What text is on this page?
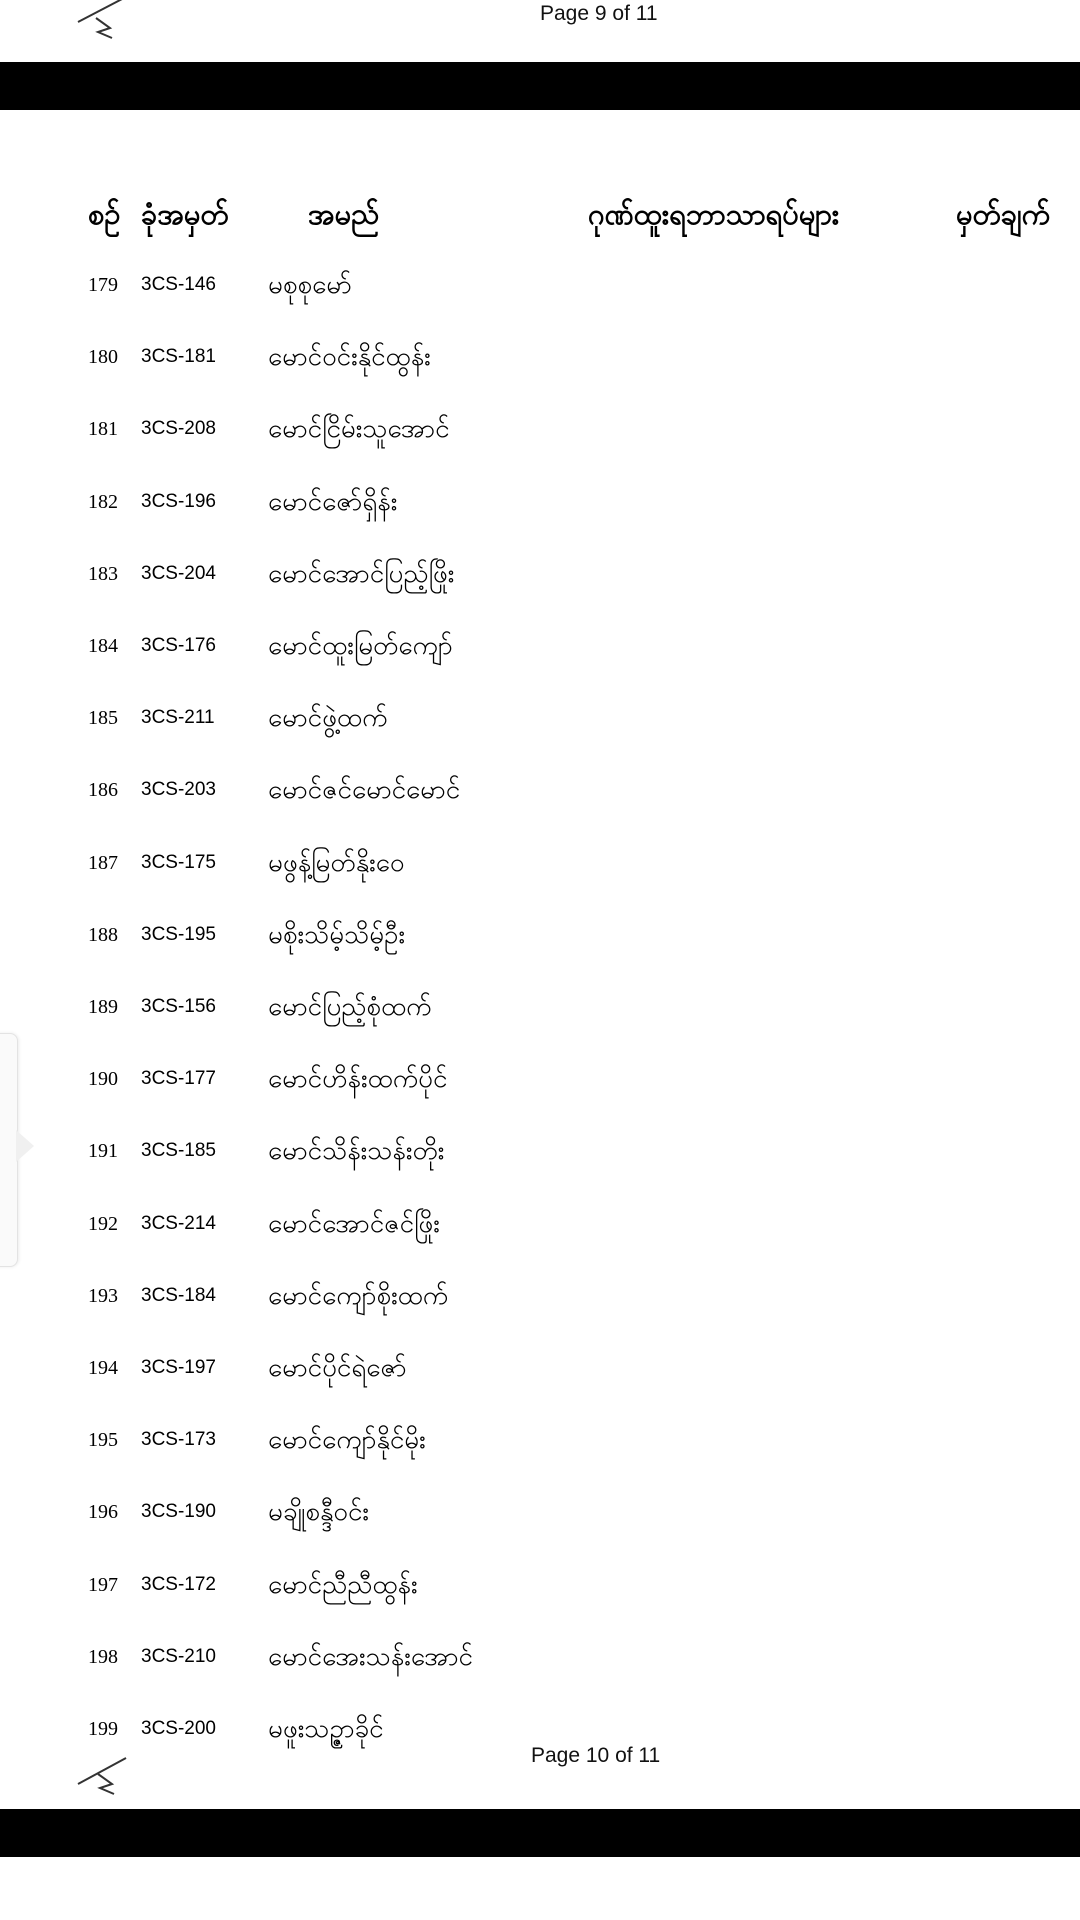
Page 9 of 11
စဉ် ခုံအမှတ်	အမည်	ဂုဏ်ထူးရဘာသာရပ်များ	မှတ်ချက်
179 3CS-146 မစုစုမော်
180 3CS-181 မောင်ဝင်းနိုင်ထွန်း
181 3CS-208 မောင်ငြိမ်းသူအောင်
182 3CS-196 မောင်ဇော်ရှိန်း
183 3CS-204 မောင်အောင်ပြည့်ဖြိုး
184 3CS-176 မောင်ထူးမြတ်ကျော်
185 3CS-211 မောင်ဖွဲ့ထက်
186 3CS-203 မောင်ဇင်မောင်မောင်
187 3CS-175 မဖွန့်မြတ်နိုးဝေ
188 3CS-195 မစိုးသိမ့်သိမ့်ဦး
189 3CS-156 မောင်ပြည့်စုံထက်
190 3CS-177 မောင်ဟိန်းထက်ပိုင်
191 3CS-185 မောင်သိန်းသန်းတိုး
192 3CS-214 မောင်အောင်ဇင်ဖြိုး
193 3CS-184 မောင်ကျော်စိုးထက်
194 3CS-197 မောင်ပိုင်ရဲဇော်
195 3CS-173 မောင်ကျော်နိုင်မိုး
196 3CS-190 မချိုစန္ဒီဝင်း
197 3CS-172 မောင်ညီညီထွန်း
198 3CS-210 မောင်အေးသန်းအောင်
199 3CS-200 မဖူးသဥ္ဇာခိုင်
Page 10 of 11
